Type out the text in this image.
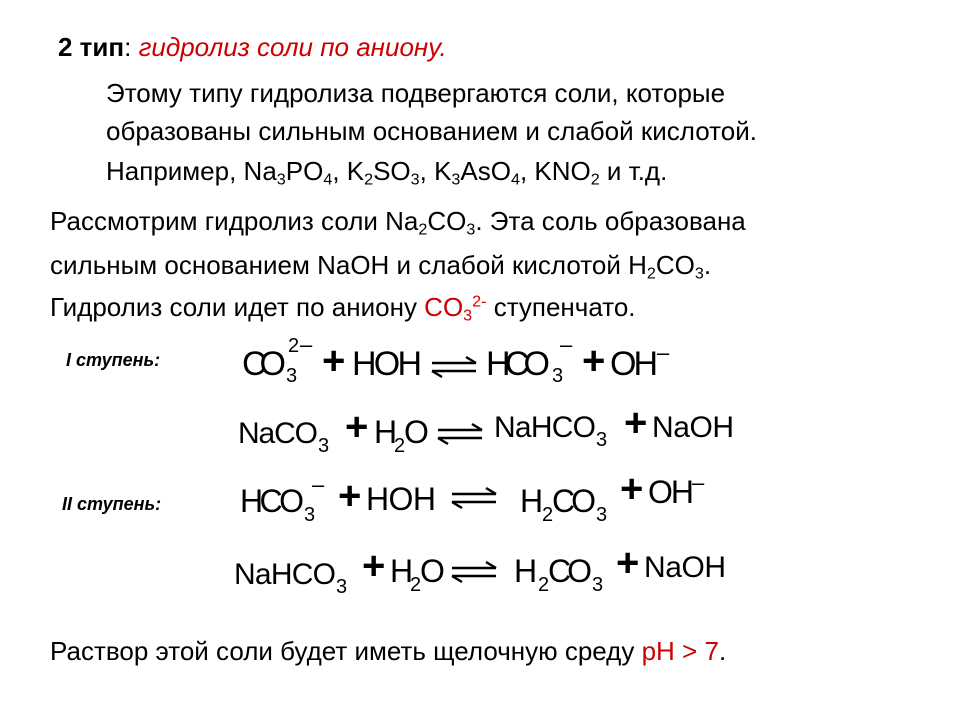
2 тип: гидролиз соли по аниону.
Этому типу гидролиза подвергаются соли, которые
образованы сильным основанием и слабой кислотой.
Например, $Na_3PO_4$, $K_2SO_3$, $K_3AsO_4$, $KNO_2$ и т.д.
Рассмотрим гидролиз соли $Na_2CO_3$. Эта соль образована
сильным основанием NaOH и слабой кислотой $H_2CO_3$.
Гидролиз соли идет по аниону $CO_3^{2-}$ ступенчато.
I ступень:
II ступень:
CO 3
2 – + HOH HCO 3
– + OH –
NaCO 3 + H
2
O NaHCO 3 + NaOH
HCO 3
– + HOH	H
2
CO 3
+ OH
–
NaHCO 3 + H
2
O H 2
CO 3 + NaOH
Раствор этой соли будет иметь щелочную среду pH > 7.
